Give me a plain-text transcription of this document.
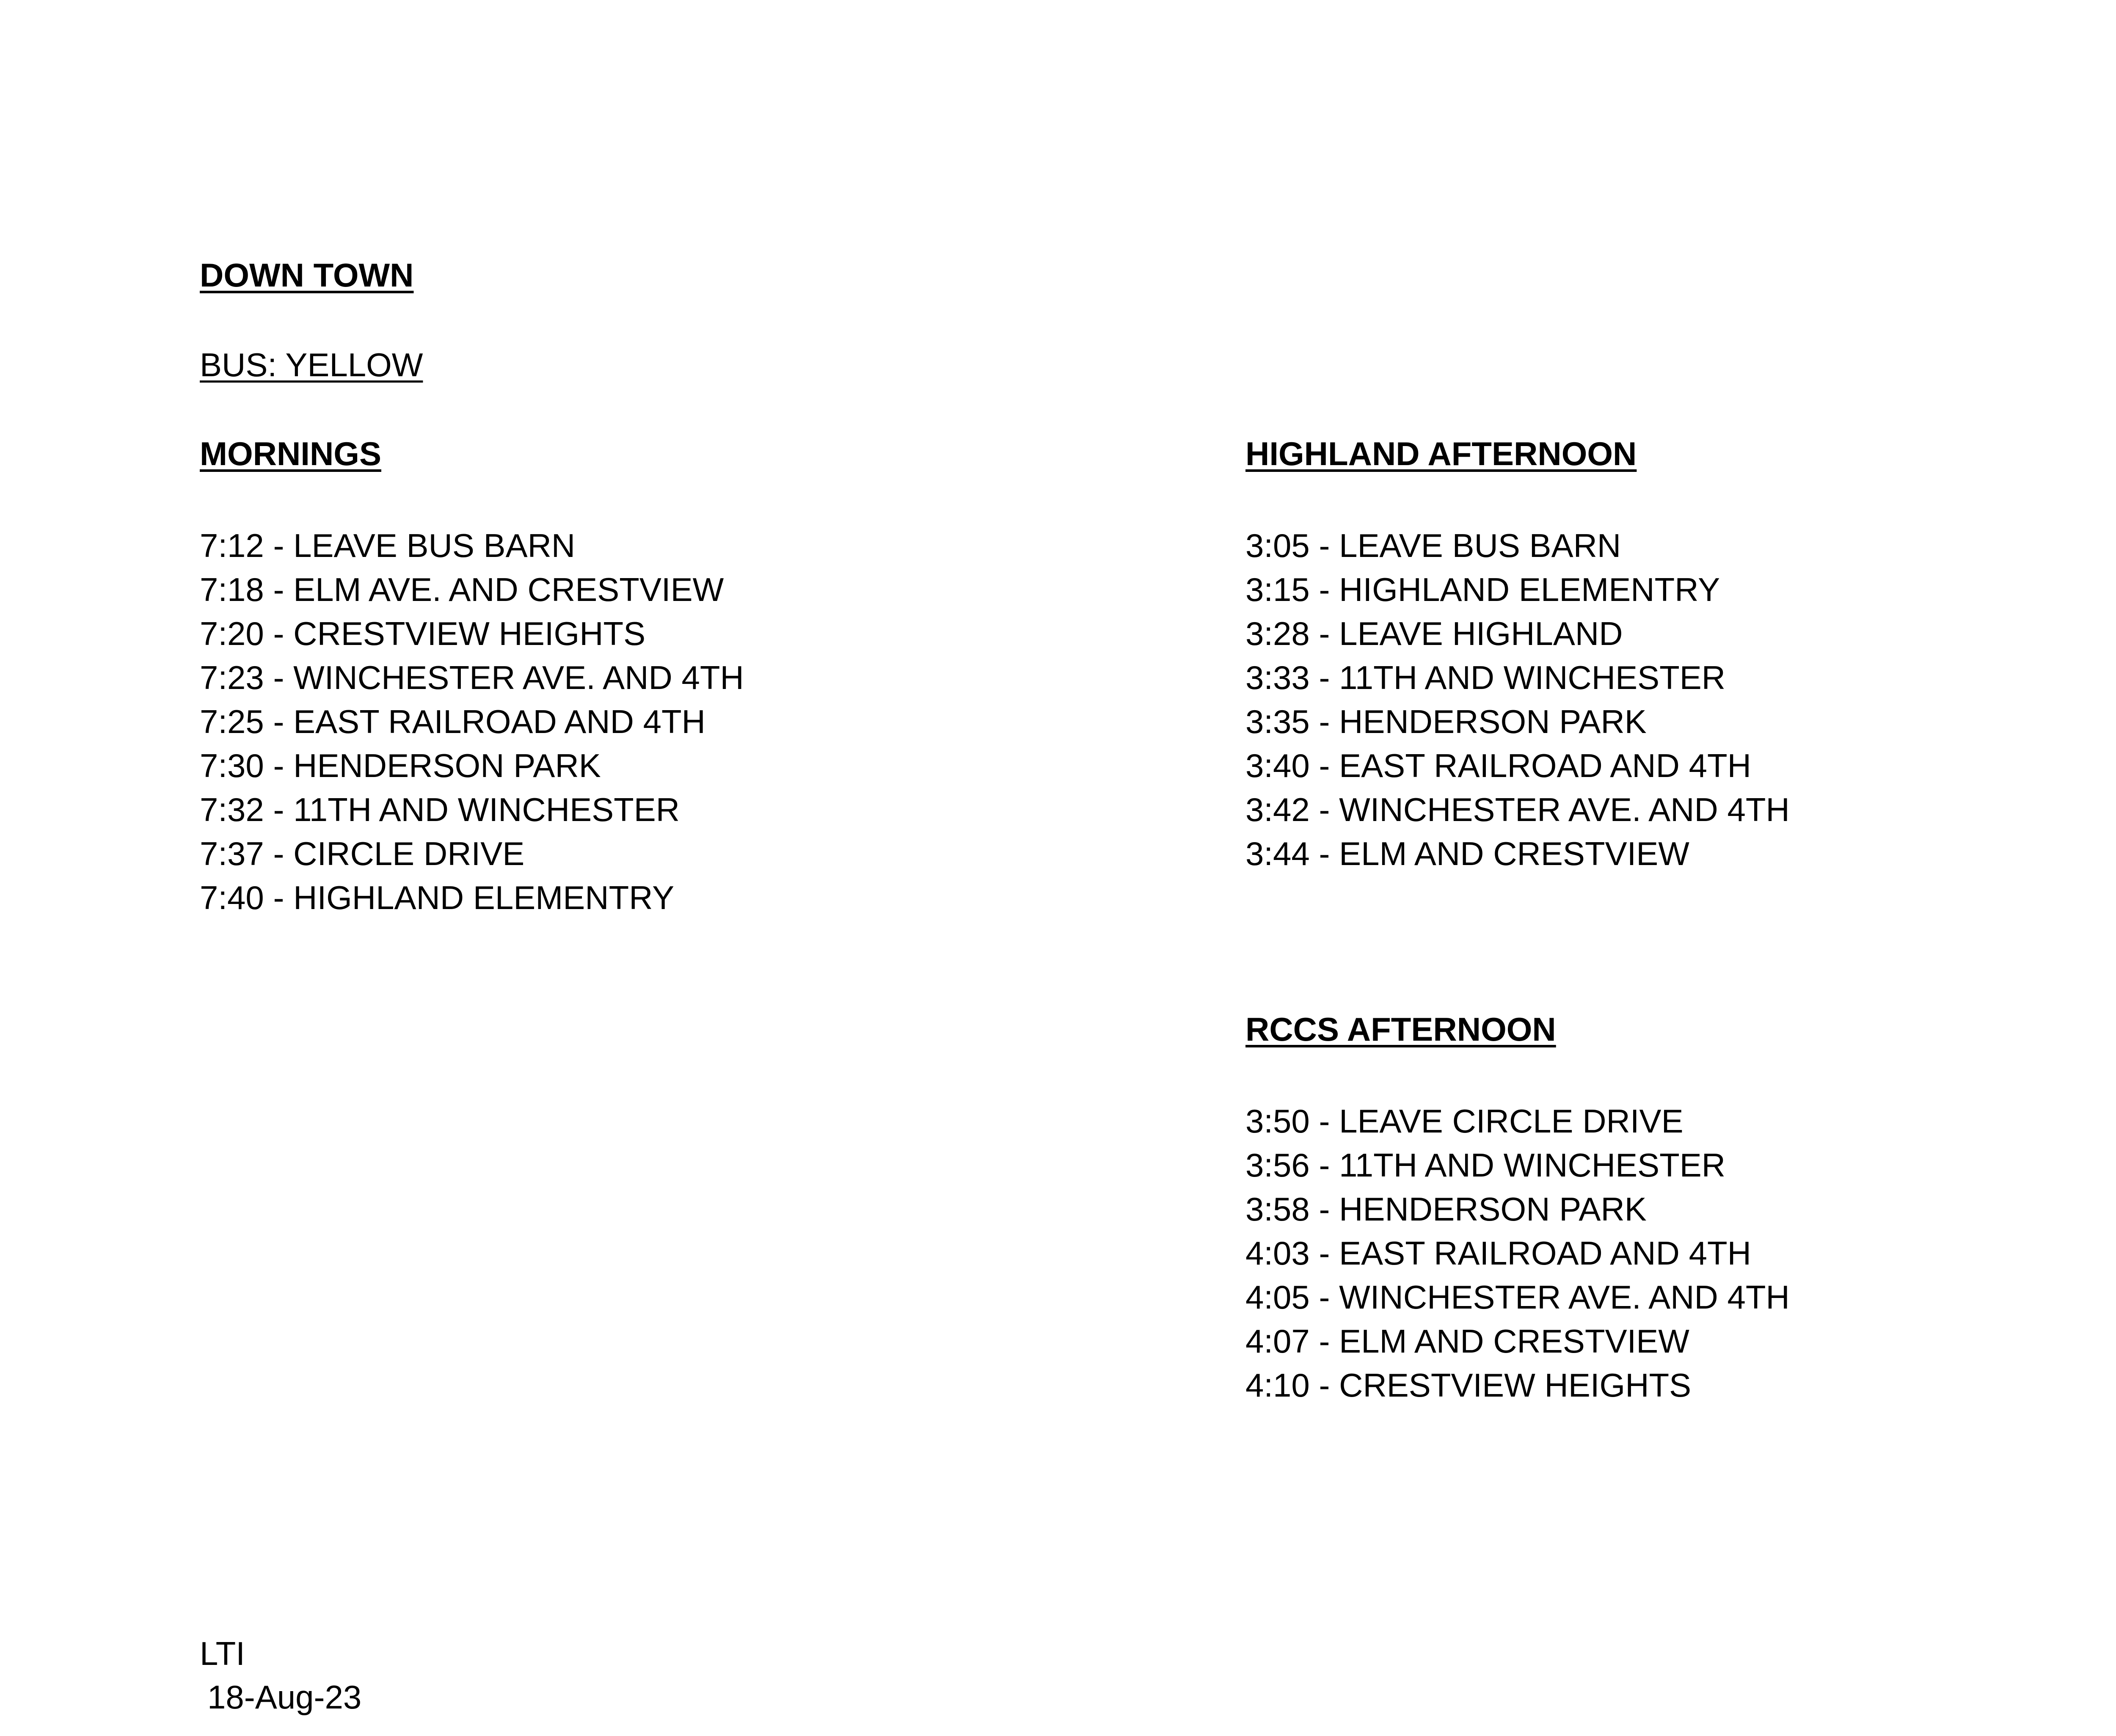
DOWN TOWN

BUS: YELLOW

MORNINGS

7:12 - LEAVE BUS BARN
7:18 - ELM AVE. AND CRESTVIEW
7:20 - CRESTVIEW HEIGHTS
7:23 - WINCHESTER AVE. AND 4TH
7:25 - EAST RAILROAD AND 4TH
7:30 - HENDERSON PARK
7:32 - 11TH AND WINCHESTER
7:37 - CIRCLE DRIVE
7:40 - HIGHLAND ELEMENTRY

HIGHLAND AFTERNOON

3:05 - LEAVE BUS BARN
3:15 - HIGHLAND ELEMENTRY
3:28 - LEAVE HIGHLAND
3:33 - 11TH AND WINCHESTER
3:35 - HENDERSON PARK
3:40 - EAST RAILROAD AND 4TH
3:42 - WINCHESTER AVE. AND 4TH
3:44 - ELM AND CRESTVIEW

RCCS AFTERNOON

3:50 - LEAVE CIRCLE DRIVE
3:56 - 11TH AND WINCHESTER
3:58 - HENDERSON PARK
4:03 - EAST RAILROAD AND 4TH
4:05 - WINCHESTER AVE. AND 4TH
4:07 - ELM AND CRESTVIEW
4:10 - CRESTVIEW HEIGHTS

LTI

18-Aug-23
